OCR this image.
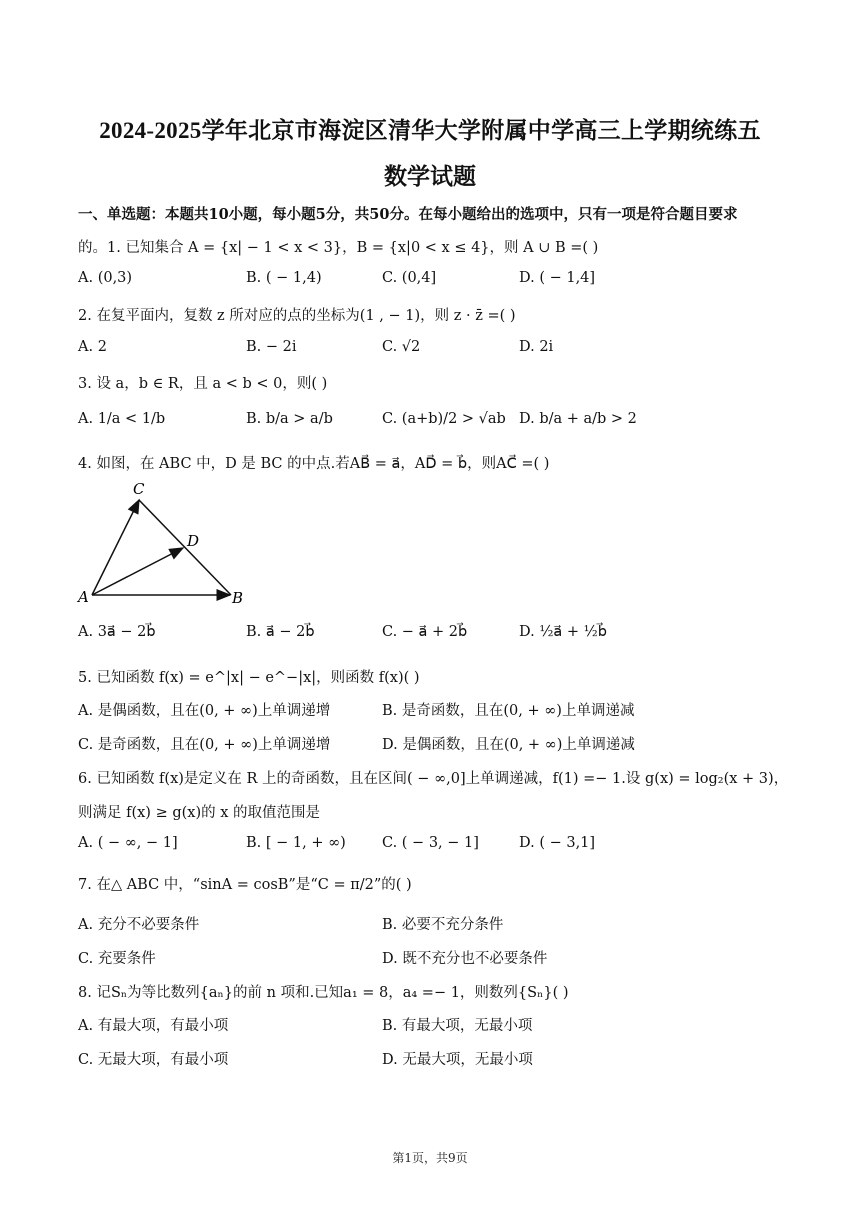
2024-2025学年北京市海淀区清华大学附属中学高三上学期统练五
数学试题
一、单选题：本题共10小题，每小题5分，共50分。在每小题给出的选项中，只有一项是符合题目要求
的。1. 已知集合 A = {x| − 1 < x < 3}，B = {x|0 < x ≤ 4}，则 A ∪ B =( )
A. (0,3)	B. ( − 1,4)	C. (0,4]	D. ( − 1,4]
2. 在复平面内，复数 z 所对应的点的坐标为(1 , − 1)，则 z · z̄ =( )
A. 2	B. − 2i	C. √2	D. 2i
3. 设 a，b ∈ R，且 a < b < 0，则( )
A. 1/a < 1/b	B. b/a > a/b	C. (a+b)/2 > √ab D. b/a + a/b > 2
4. 如图，在 ABC 中，D 是 BC 的中点.若AB⃗ = a⃗，AD⃗ = b⃗，则AC⃗ =( )
C
D
A	B
A. 3a⃗ − 2b⃗	B. a⃗ − 2b⃗	C. − a⃗ + 2b⃗	D. ½a⃗ + ½b⃗
5. 已知函数 f(x) = e^|x| − e^−|x|，则函数 f(x)( )
A. 是偶函数，且在(0, + ∞)上单调递增	B. 是奇函数，且在(0, + ∞)上单调递减
C. 是奇函数，且在(0, + ∞)上单调递增	D. 是偶函数，且在(0, + ∞)上单调递减
6. 已知函数 f(x)是定义在 R 上的奇函数，且在区间( − ∞,0]上单调递减，f(1) =− 1.设 g(x) = log₂(x + 3)，
则满足 f(x) ≥ g(x)的 x 的取值范围是
A. ( − ∞, − 1]	B. [ − 1, + ∞) C. ( − 3, − 1]	D. ( − 3,1]
7. 在△ ABC 中，“sinA = cosB”是“C = π/2”的( )
A. 充分不必要条件	B. 必要不充分条件
C. 充要条件	D. 既不充分也不必要条件
8. 记Sₙ为等比数列{aₙ}的前 n 项和.已知a₁ = 8，a₄ =− 1，则数列{Sₙ}( )
A. 有最大项，有最小项	B. 有最大项，无最小项
C. 无最大项，有最小项	D. 无最大项，无最小项
第1页，共9页
